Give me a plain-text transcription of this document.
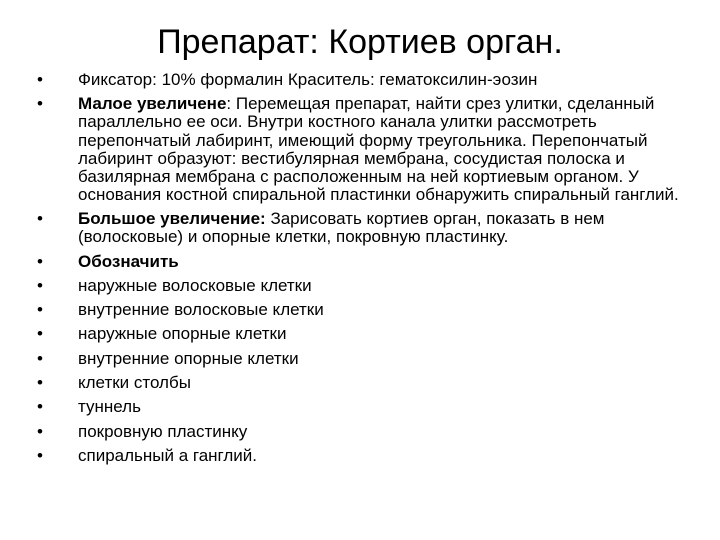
Препарат: Кортиев орган.
• Фиксатор: 10% формалин Краситель: гематоксилин-эозин
• Малое увеличене: Перемещая препарат, найти срез улитки, сделанный параллельно ее оси. Внутри костного канала улитки рассмотреть перепончатый лабиринт, имеющий форму треугольника. Перепончатый лабиринт образуют: вестибулярная мембрана, сосудистая полоска и базилярная мембрана с расположенным на ней кортиевым органом. У основания костной спиральной пластинки обнаружить спиральный ганглий.
• Большое увеличение: Зарисовать кортиев орган, показать в нем (волосковые) и опорные клетки, покровную пластинку.
• Обозначить
• наружные волосковые клетки
• внутренние волосковые клетки
• наружные опорные клетки
• внутренние опорные клетки
• клетки столбы
• туннель
• покровную пластинку
• спиральный а ганглий.
